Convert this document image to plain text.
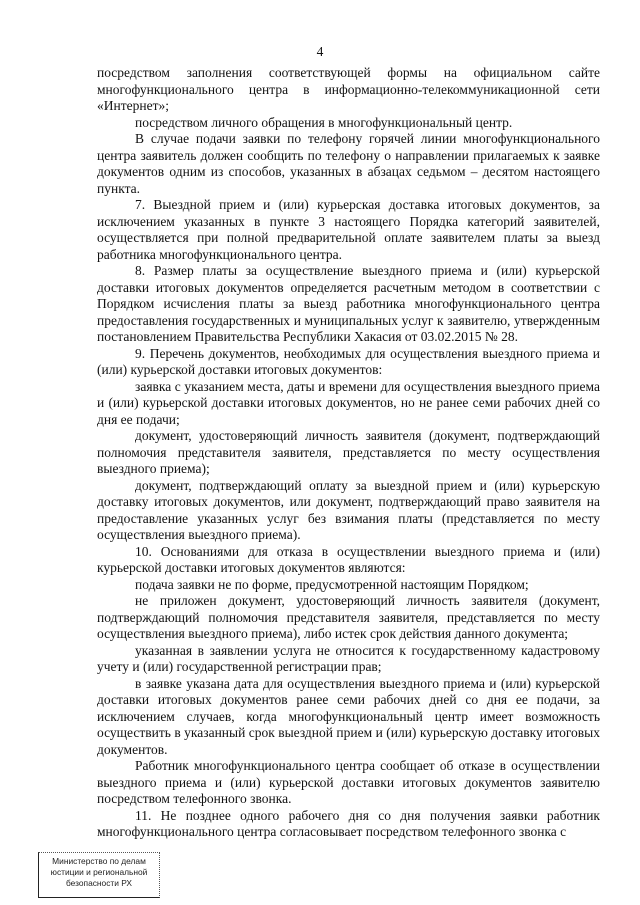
4

посредством заполнения соответствующей формы на официальном сайте многофункционального центра в информационно-телекоммуникационной сети «Интернет»;

посредством личного обращения в многофункциональный центр.

В случае подачи заявки по телефону горячей линии многофункционального центра заявитель должен сообщить по телефону о направлении прилагаемых к заявке документов одним из способов, указанных в абзацах седьмом – десятом настоящего пункта.

7. Выездной прием и (или) курьерская доставка итоговых документов, за исключением указанных в пункте 3 настоящего Порядка категорий заявителей, осуществляется при полной предварительной оплате заявителем платы за выезд работника многофункционального центра.

8. Размер платы за осуществление выездного приема и (или) курьерской доставки итоговых документов определяется расчетным методом в соответствии с Порядком исчисления платы за выезд работника многофункционального центра предоставления государственных и муниципальных услуг к заявителю, утвержденным постановлением Правительства Республики Хакасия от 03.02.2015 № 28.

9. Перечень документов, необходимых для осуществления выездного приема и (или) курьерской доставки итоговых документов:

заявка с указанием места, даты и времени для осуществления выездного приема и (или) курьерской доставки итоговых документов, но не ранее семи рабочих дней со дня ее подачи;

документ, удостоверяющий личность заявителя (документ, подтверждающий полномочия представителя заявителя, представляется по месту осуществления выездного приема);

документ, подтверждающий оплату за выездной прием и (или) курьерскую доставку итоговых документов, или документ, подтверждающий право заявителя на предоставление указанных услуг без взимания платы (представляется по месту осуществления выездного приема).

10. Основаниями для отказа в осуществлении выездного приема и (или) курьерской доставки итоговых документов являются:

подача заявки не по форме, предусмотренной настоящим Порядком;

не приложен документ, удостоверяющий личность заявителя (документ, подтверждающий полномочия представителя заявителя, представляется по месту осуществления выездного приема), либо истек срок действия данного документа;

указанная в заявлении услуга не относится к государственному кадастровому учету и (или) государственной регистрации прав;

в заявке указана дата для осуществления выездного приема и (или) курьерской доставки итоговых документов ранее семи рабочих дней со дня ее подачи, за исключением случаев, когда многофункциональный центр имеет возможность осуществить в указанный срок выездной прием и (или) курьерскую доставку итоговых документов.

Работник многофункционального центра сообщает об отказе в осуществлении выездного приема и (или) курьерской доставки итоговых документов заявителю посредством телефонного звонка.

11. Не позднее одного рабочего дня со дня получения заявки работник многофункционального центра согласовывает посредством телефонного звонка с

Министерство по делам
юстиции и региональной
безопасности РХ
